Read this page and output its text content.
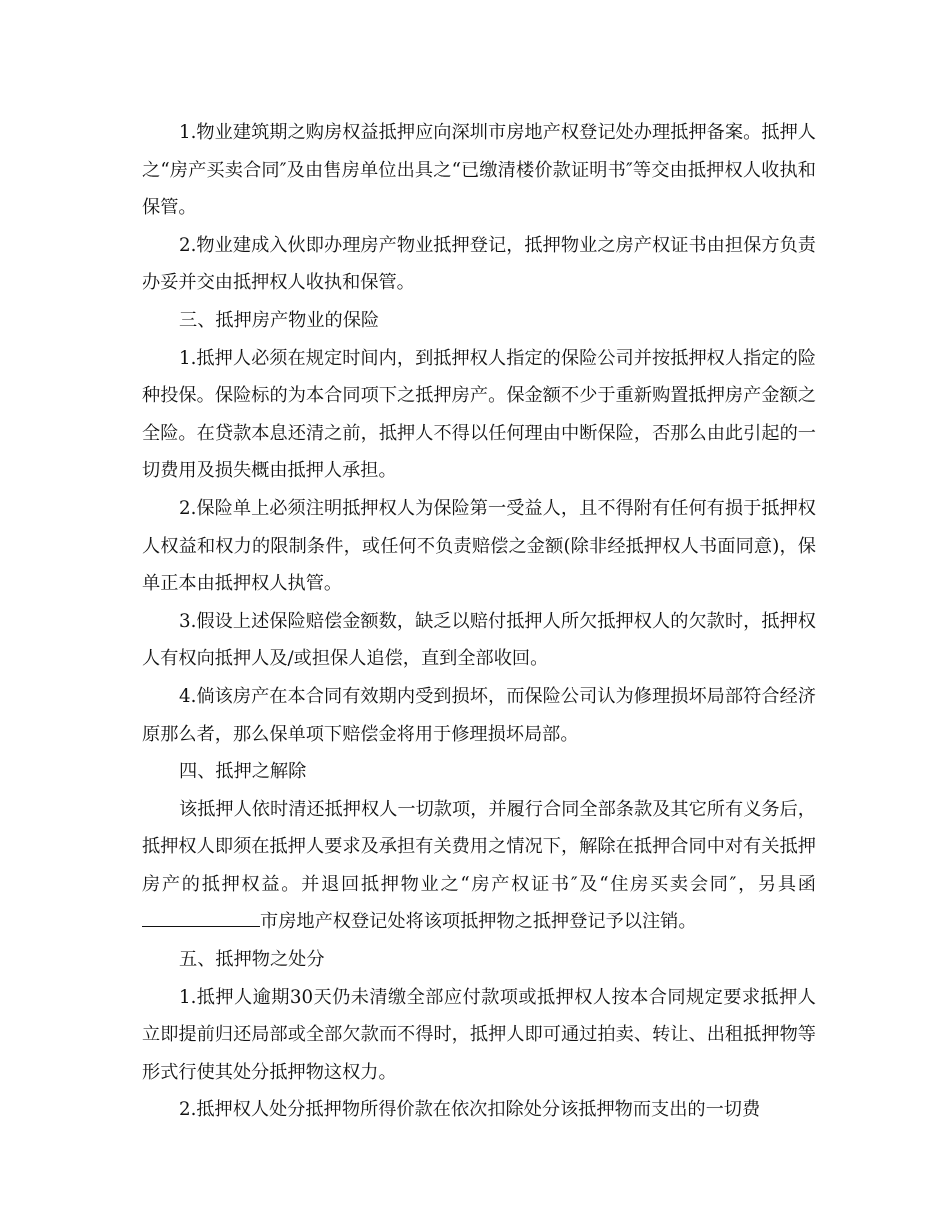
1.物业建筑期之购房权益抵押应向深圳市房地产权登记处办理抵押备案。抵押人之“房产买卖合同″及由售房单位出具之“已缴清楼价款证明书″等交由抵押权人收执和保管。

2.物业建成入伙即办理房产物业抵押登记，抵押物业之房产权证书由担保方负责办妥并交由抵押权人收执和保管。

三、抵押房产物业的保险

1.抵押人必须在规定时间内，到抵押权人指定的保险公司并按抵押权人指定的险种投保。保险标的为本合同项下之抵押房产。保金额不少于重新购置抵押房产金额之全险。在贷款本息还清之前，抵押人不得以任何理由中断保险，否那么由此引起的一切费用及损失概由抵押人承担。

2.保险单上必须注明抵押权人为保险第一受益人，且不得附有任何有损于抵押权人权益和权力的限制条件，或任何不负责赔偿之金额(除非经抵押权人书面同意)，保单正本由抵押权人执管。

3.假设上述保险赔偿金额数，缺乏以赔付抵押人所欠抵押权人的欠款时，抵押权人有权向抵押人及/或担保人追偿，直到全部收回。

4.倘该房产在本合同有效期内受到损坏，而保险公司认为修理损坏局部符合经济原那么者，那么保单项下赔偿金将用于修理损坏局部。

四、抵押之解除

该抵押人依时清还抵押权人一切款项，并履行合同全部条款及其它所有义务后，抵押权人即须在抵押人要求及承担有关费用之情况下，解除在抵押合同中对有关抵押房产的抵押权益。并退回抵押物业之“房产权证书″及“住房买卖会同″，另具函市房地产权登记处将该项抵押物之抵押登记予以注销。

五、抵押物之处分

1.抵押人逾期30天仍未清缴全部应付款项或抵押权人按本合同规定要求抵押人立即提前归还局部或全部欠款而不得时，抵押人即可通过拍卖、转让、出租抵押物等形式行使其处分抵押物这权力。

2.抵押权人处分抵押物所得价款在依次扣除处分该抵押物而支出的一切费
